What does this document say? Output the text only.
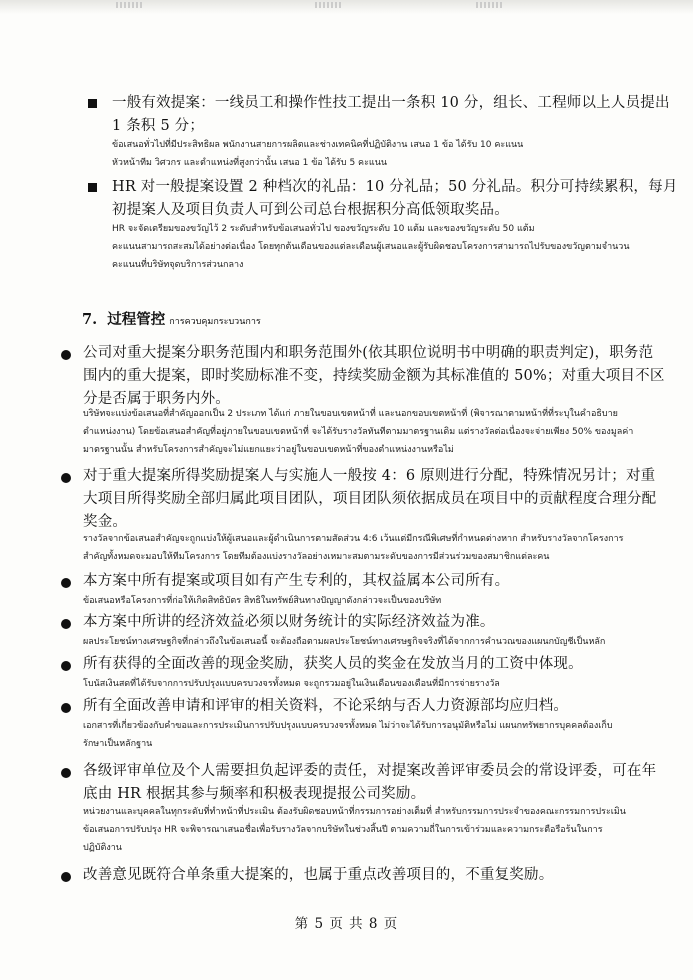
一般有效提案：一线员工和操作性技工提出一条积 10 分，组长、工程师以上人员提出
1 条积 5 分；
ข้อเสนอทั่วไปที่มีประสิทธิผล พนักงานสายการผลิตและช่างเทคนิคที่ปฏิบัติงาน เสนอ 1 ข้อ ได้รับ 10 คะแนน
หัวหน้าทีม วิศวกร และตำแหน่งที่สูงกว่านั้น เสนอ 1 ข้อ ได้รับ 5 คะแนน
HR 对一般提案设置 2 种档次的礼品：10 分礼品；50 分礼品。积分可持续累积，每月
初提案人及项目负责人可到公司总台根据积分高低领取奖品。
HR จะจัดเตรียมของขวัญไว้ 2 ระดับสำหรับข้อเสนอทั่วไป ของขวัญระดับ 10 แต้ม และของขวัญระดับ 50 แต้ม
คะแนนสามารถสะสมได้อย่างต่อเนื่อง โดยทุกต้นเดือนของแต่ละเดือนผู้เสนอและผู้รับผิดชอบโครงการสามารถไปรับของขวัญตามจำนวน
คะแนนที่บริษัทจุดบริการส่วนกลาง
7. 过程管控 การควบคุมกระบวนการ
公司对重大提案分职务范围内和职务范围外(依其职位说明书中明确的职责判定)，职务范
围内的重大提案，即时奖励标准不变，持续奖励金额为其标准值的 50%；对重大项目不区
分是否属于职务内外。
บริษัทจะแบ่งข้อเสนอที่สำคัญออกเป็น 2 ประเภท ได้แก่ ภายในขอบเขตหน้าที่ และนอกขอบเขตหน้าที่ (พิจารณาตามหน้าที่ที่ระบุในคำอธิบาย
ตำแหน่งงาน) โดยข้อเสนอสำคัญที่อยู่ภายในขอบเขตหน้าที่ จะได้รับรางวัลทันทีตามมาตรฐานเดิม แต่รางวัลต่อเนื่องจะจ่ายเพียง 50% ของมูลค่า
มาตรฐานนั้น สำหรับโครงการสำคัญจะไม่แยกแยะว่าอยู่ในขอบเขตหน้าที่ของตำแหน่งงานหรือไม่
对于重大提案所得奖励提案人与实施人一般按 4：6 原则进行分配，特殊情况另计；对重
大项目所得奖励全部归属此项目团队，项目团队须依据成员在项目中的贡献程度合理分配
奖金。
รางวัลจากข้อเสนอสำคัญจะถูกแบ่งให้ผู้เสนอและผู้ดำเนินการตามสัดส่วน 4:6 เว้นแต่มีกรณีพิเศษที่กำหนดต่างหาก สำหรับรางวัลจากโครงการ
สำคัญทั้งหมดจะมอบให้ทีมโครงการ โดยทีมต้องแบ่งรางวัลอย่างเหมาะสมตามระดับของการมีส่วนร่วมของสมาชิกแต่ละคน
本方案中所有提案或项目如有产生专利的，其权益属本公司所有。
ข้อเสนอหรือโครงการที่ก่อให้เกิดสิทธิบัตร สิทธิในทรัพย์สินทางปัญญาดังกล่าวจะเป็นของบริษัท
本方案中所讲的经济效益必须以财务统计的实际经济效益为准。
ผลประโยชน์ทางเศรษฐกิจที่กล่าวถึงในข้อเสนอนี้ จะต้องถือตามผลประโยชน์ทางเศรษฐกิจจริงที่ได้จากการคำนวณของแผนกบัญชีเป็นหลัก
所有获得的全面改善的现金奖励，获奖人员的奖金在发放当月的工资中体现。
โบนัสเงินสดที่ได้รับจากการปรับปรุงแบบครบวงจรทั้งหมด จะถูกรวมอยู่ในเงินเดือนของเดือนที่มีการจ่ายรางวัล
所有全面改善申请和评审的相关资料，不论采纳与否人力资源部均应归档。
เอกสารที่เกี่ยวข้องกับคำขอและการประเมินการปรับปรุงแบบครบวงจรทั้งหมด ไม่ว่าจะได้รับการอนุมัติหรือไม่ แผนกทรัพยากรบุคคลต้องเก็บ
รักษาเป็นหลักฐาน
各级评审单位及个人需要担负起评委的责任，对提案改善评审委员会的常设评委，可在年
底由 HR 根据其参与频率和积极表现提报公司奖励。
หน่วยงานและบุคคลในทุกระดับที่ทำหน้าที่ประเมิน ต้องรับผิดชอบหน้าที่กรรมการอย่างเต็มที่ สำหรับกรรมการประจำของคณะกรรมการประเมิน
ข้อเสนอการปรับปรุง HR จะพิจารณาเสนอชื่อเพื่อรับรางวัลจากบริษัทในช่วงสิ้นปี ตามความถี่ในการเข้าร่วมและความกระตือรือร้นในการ
ปฏิบัติงาน
改善意见既符合单条重大提案的，也属于重点改善项目的，不重复奖励。
第 5 页 共 8 页
